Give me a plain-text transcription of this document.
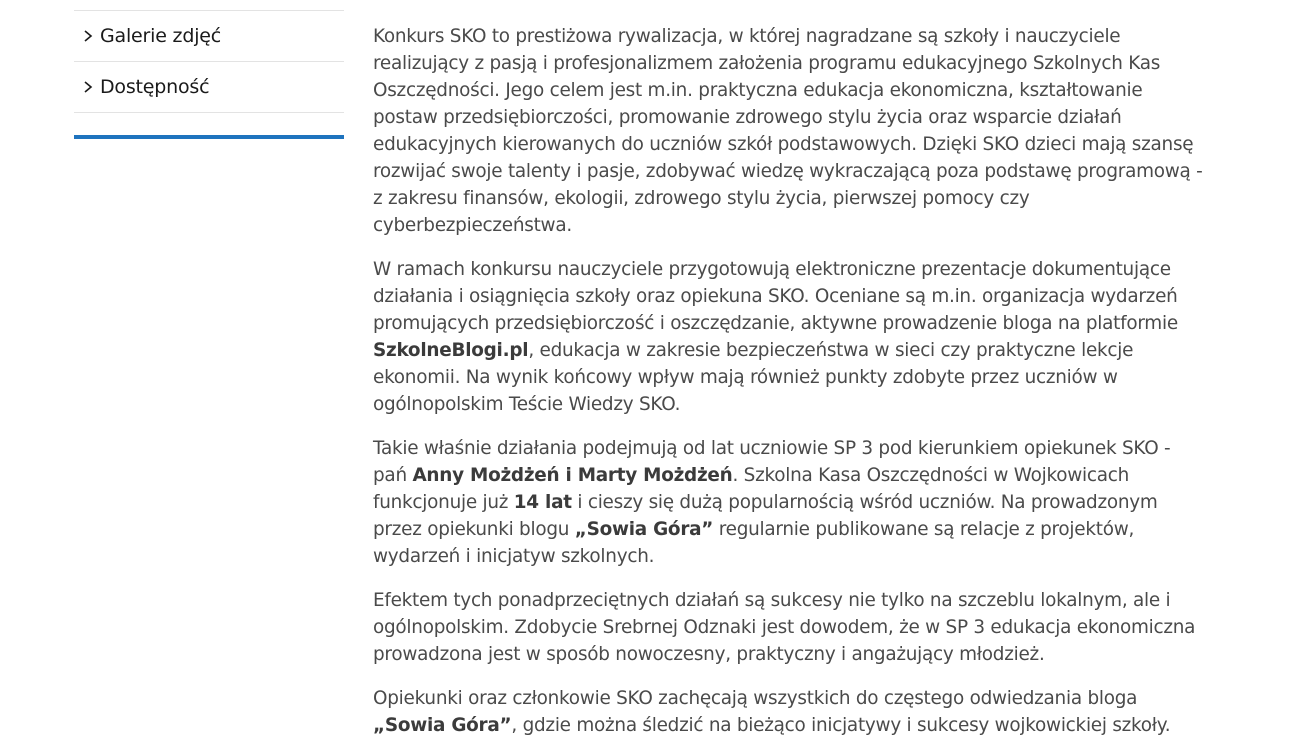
Galerie zdjęć
Dostępność

Konkurs SKO to prestiżowa rywalizacja, w której nagradzane są szkoły i nauczyciele realizujący z pasją i profesjonalizmem założenia programu edukacyjnego Szkolnych Kas Oszczędności. Jego celem jest m.in. praktyczna edukacja ekonomiczna, kształtowanie postaw przedsiębiorczości, promowanie zdrowego stylu życia oraz wsparcie działań edukacyjnych kierowanych do uczniów szkół podstawowych. Dzięki SKO dzieci mają szansę rozwijać swoje talenty i pasje, zdobywać wiedzę wykraczającą poza podstawę programową - z zakresu finansów, ekologii, zdrowego stylu życia, pierwszej pomocy czy cyberbezpieczeństwa.

W ramach konkursu nauczyciele przygotowują elektroniczne prezentacje dokumentujące działania i osiągnięcia szkoły oraz opiekuna SKO. Oceniane są m.in. organizacja wydarzeń promujących przedsiębiorczość i oszczędzanie, aktywne prowadzenie bloga na platformie SzkolneBlogi.pl, edukacja w zakresie bezpieczeństwa w sieci czy praktyczne lekcje ekonomii. Na wynik końcowy wpływ mają również punkty zdobyte przez uczniów w ogólnopolskim Teście Wiedzy SKO.

Takie właśnie działania podejmują od lat uczniowie SP 3 pod kierunkiem opiekunek SKO - pań Anny Możdżeń i Marty Możdżeń. Szkolna Kasa Oszczędności w Wojkowicach funkcjonuje już 14 lat i cieszy się dużą popularnością wśród uczniów. Na prowadzonym przez opiekunki blogu „Sowia Góra” regularnie publikowane są relacje z projektów, wydarzeń i inicjatyw szkolnych.

Efektem tych ponadprzeciętnych działań są sukcesy nie tylko na szczeblu lokalnym, ale i ogólnopolskim. Zdobycie Srebrnej Odznaki jest dowodem, że w SP 3 edukacja ekonomiczna prowadzona jest w sposób nowoczesny, praktyczny i angażujący młodzież.

Opiekunki oraz członkowie SKO zachęcają wszystkich do częstego odwiedzania bloga „Sowia Góra”, gdzie można śledzić na bieżąco inicjatywy i sukcesy wojkowickiej szkoły.
